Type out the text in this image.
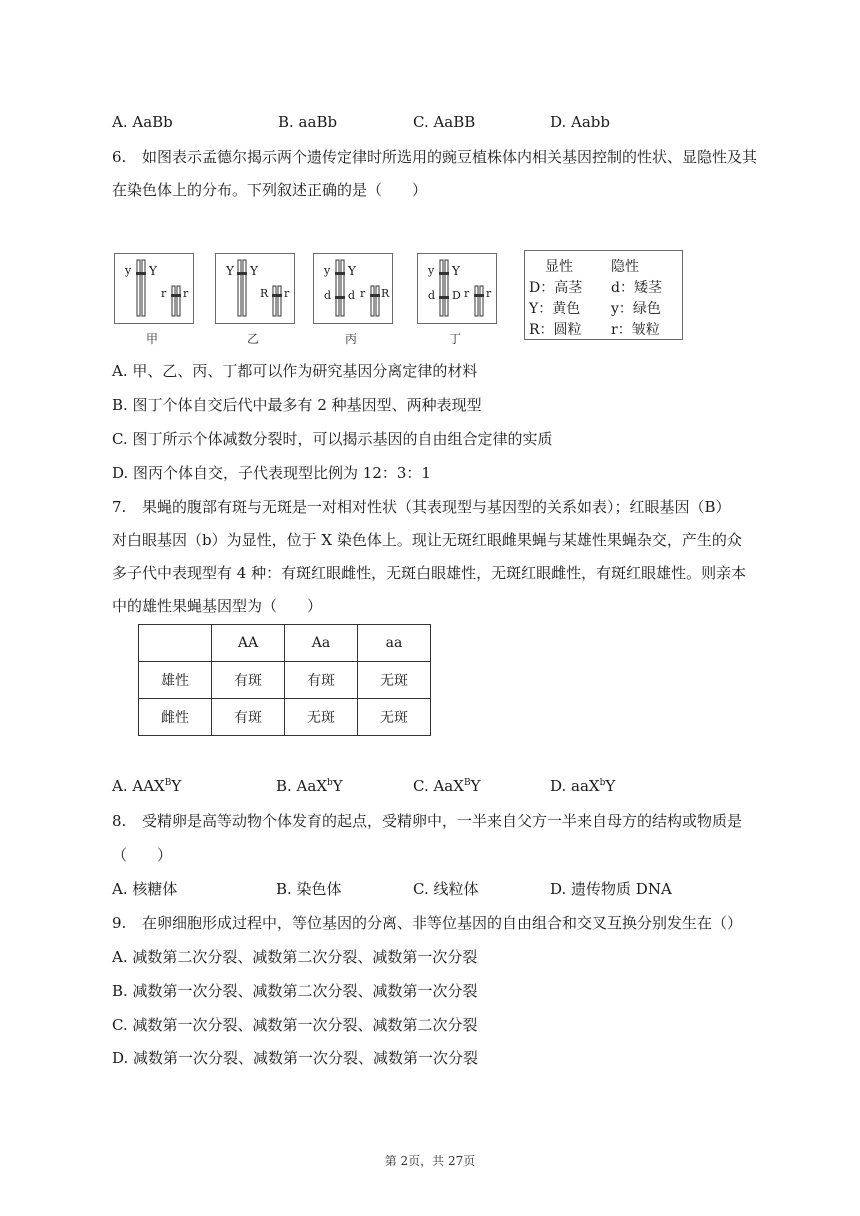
A. AaBb	B. aaBb	C. AaBB	D. Aabb
6. 如图表示孟德尔揭示两个遗传定律时所选用的豌豆植株体内相关基因控制的性状、显隐性及其
在染色体上的分布。下列叙述正确的是（　　）
y Y
r r
甲
Y Y
R r
乙
y Y
d d r R
丙
y Y
d D r r
丁
显性	隐性
D：高茎 d：矮茎
Y：黄色 y：绿色
R：圆粒 r：皱粒
A. 甲、乙、丙、丁都可以作为研究基因分离定律的材料
B. 图丁个体自交后代中最多有 2 种基因型、两种表现型
C. 图丁所示个体减数分裂时，可以揭示基因的自由组合定律的实质
D. 图丙个体自交，子代表现型比例为 12：3：1
7. 果蝇的腹部有斑与无斑是一对相对性状（其表现型与基因型的关系如表）；红眼基因（B）
对白眼基因（b）为显性，位于 X 染色体上。现让无斑红眼雌果蝇与某雄性果蝇杂交，产生的众
多子代中表现型有 4 种：有斑红眼雌性，无斑白眼雄性，无斑红眼雌性，有斑红眼雄性。则亲本
中的雄性果蝇基因型为（　　）
	AA	Aa	aa
雄性	有斑	有斑	无斑
雌性	有斑	无斑	无斑
A. $AAX^BY$	B. AaX$^b$Y	C. AaX$^B$Y	D. aaX$^b$Y
8. 受精卵是高等动物个体发育的起点，受精卵中，一半来自父方一半来自母方的结构或物质是
（　　）
A. 核糖体	B. 染色体	C. 线粒体	D. 遗传物质 DNA
9. 在卵细胞形成过程中，等位基因的分离、非等位基因的自由组合和交叉互换分别发生在（）
A. 减数第二次分裂、减数第二次分裂、减数第一次分裂
B. 减数第一次分裂、减数第二次分裂、减数第一次分裂
C. 减数第一次分裂、减数第一次分裂、减数第二次分裂
D. 减数第一次分裂、减数第一次分裂、减数第一次分裂
第 2页，共 27页
